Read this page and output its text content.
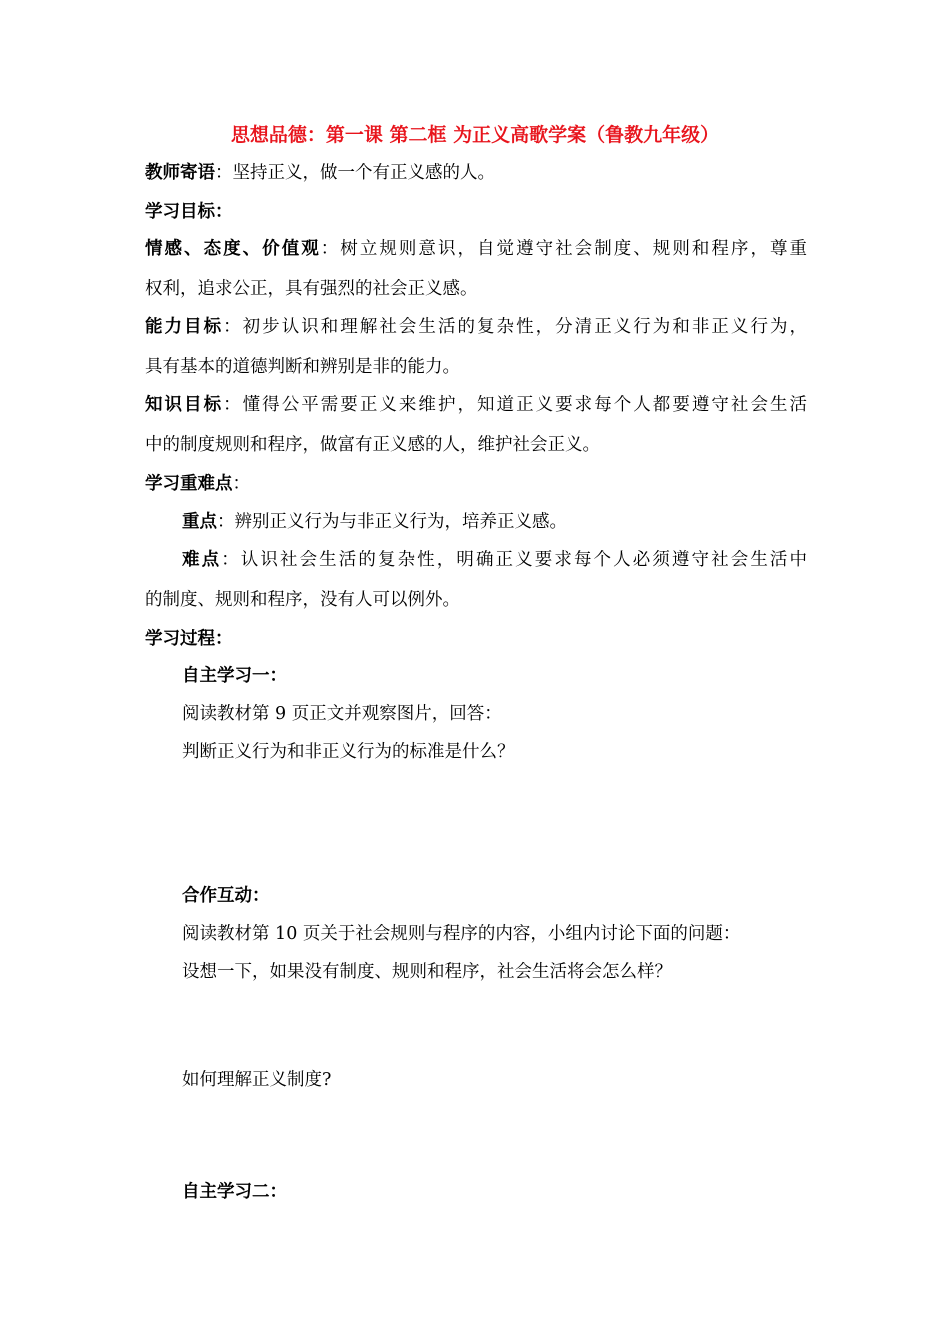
思想品德：第一课 第二框 为正义高歌学案（鲁教九年级）
教师寄语：坚持正义，做一个有正义感的人。
学习目标：
情感、态度、价值观：树立规则意识，自觉遵守社会制度、规则和程序，尊重
权利，追求公正，具有强烈的社会正义感。
能力目标：初步认识和理解社会生活的复杂性，分清正义行为和非正义行为，
具有基本的道德判断和辨别是非的能力。
知识目标：懂得公平需要正义来维护，知道正义要求每个人都要遵守社会生活
中的制度规则和程序，做富有正义感的人，维护社会正义。
学习重难点：
重点：辨别正义行为与非正义行为，培养正义感。
难点：认识社会生活的复杂性，明确正义要求每个人必须遵守社会生活中
的制度、规则和程序，没有人可以例外。
学习过程：
自主学习一：
阅读教材第 9 页正文并观察图片，回答：
判断正义行为和非正义行为的标准是什么？
合作互动：
阅读教材第 10 页关于社会规则与程序的内容，小组内讨论下面的问题：
设想一下，如果没有制度、规则和程序，社会生活将会怎么样？
如何理解正义制度?
自主学习二：
